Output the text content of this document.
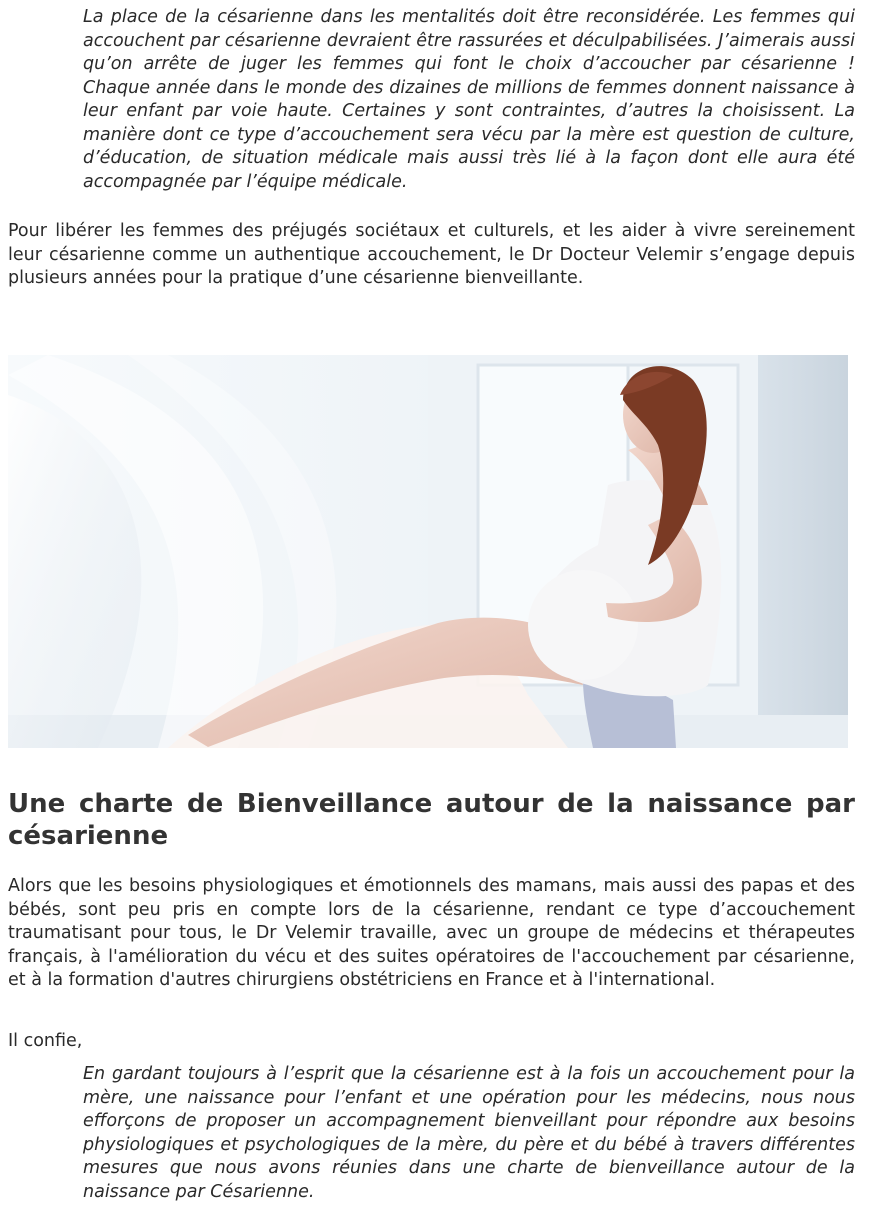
La place de la césarienne dans les mentalités doit être reconsidérée. Les femmes qui accouchent par césarienne devraient être rassurées et déculpabilisées. J’aimerais aussi qu’on arrête de juger les femmes qui font le choix d’accoucher par césarienne ! Chaque année dans le monde des dizaines de millions de femmes donnent naissance à leur enfant par voie haute. Certaines y sont contraintes, d’autres la choisissent. La manière dont ce type d’accouchement sera vécu par la mère est question de culture, d’éducation, de situation médicale mais aussi très lié à la façon dont elle aura été accompagnée par l’équipe médicale.

Pour libérer les femmes des préjugés sociétaux et culturels, et les aider à vivre sereinement leur césarienne comme un authentique accouchement, le Dr Docteur Velemir s’engage depuis plusieurs années pour la pratique d’une césarienne bienveillante.

Une charte de Bienveillance autour de la naissance par césarienne

Alors que les besoins physiologiques et émotionnels des mamans, mais aussi des papas et des bébés, sont peu pris en compte lors de la césarienne, rendant ce type d’accouchement traumatisant pour tous, le Dr Velemir travaille, avec un groupe de médecins et thérapeutes français, à l'amélioration du vécu et des suites opératoires de l'accouchement par césarienne, et à la formation d'autres chirurgiens obstétriciens en France et à l'international.

Il confie,

En gardant toujours à l’esprit que la césarienne est à la fois un accouchement pour la mère, une naissance pour l’enfant et une opération pour les médecins, nous nous efforçons de proposer un accompagnement bienveillant pour répondre aux besoins physiologiques et psychologiques de la mère, du père et du bébé à travers différentes mesures que nous avons réunies dans une charte de bienveillance autour de la naissance par Césarienne.
